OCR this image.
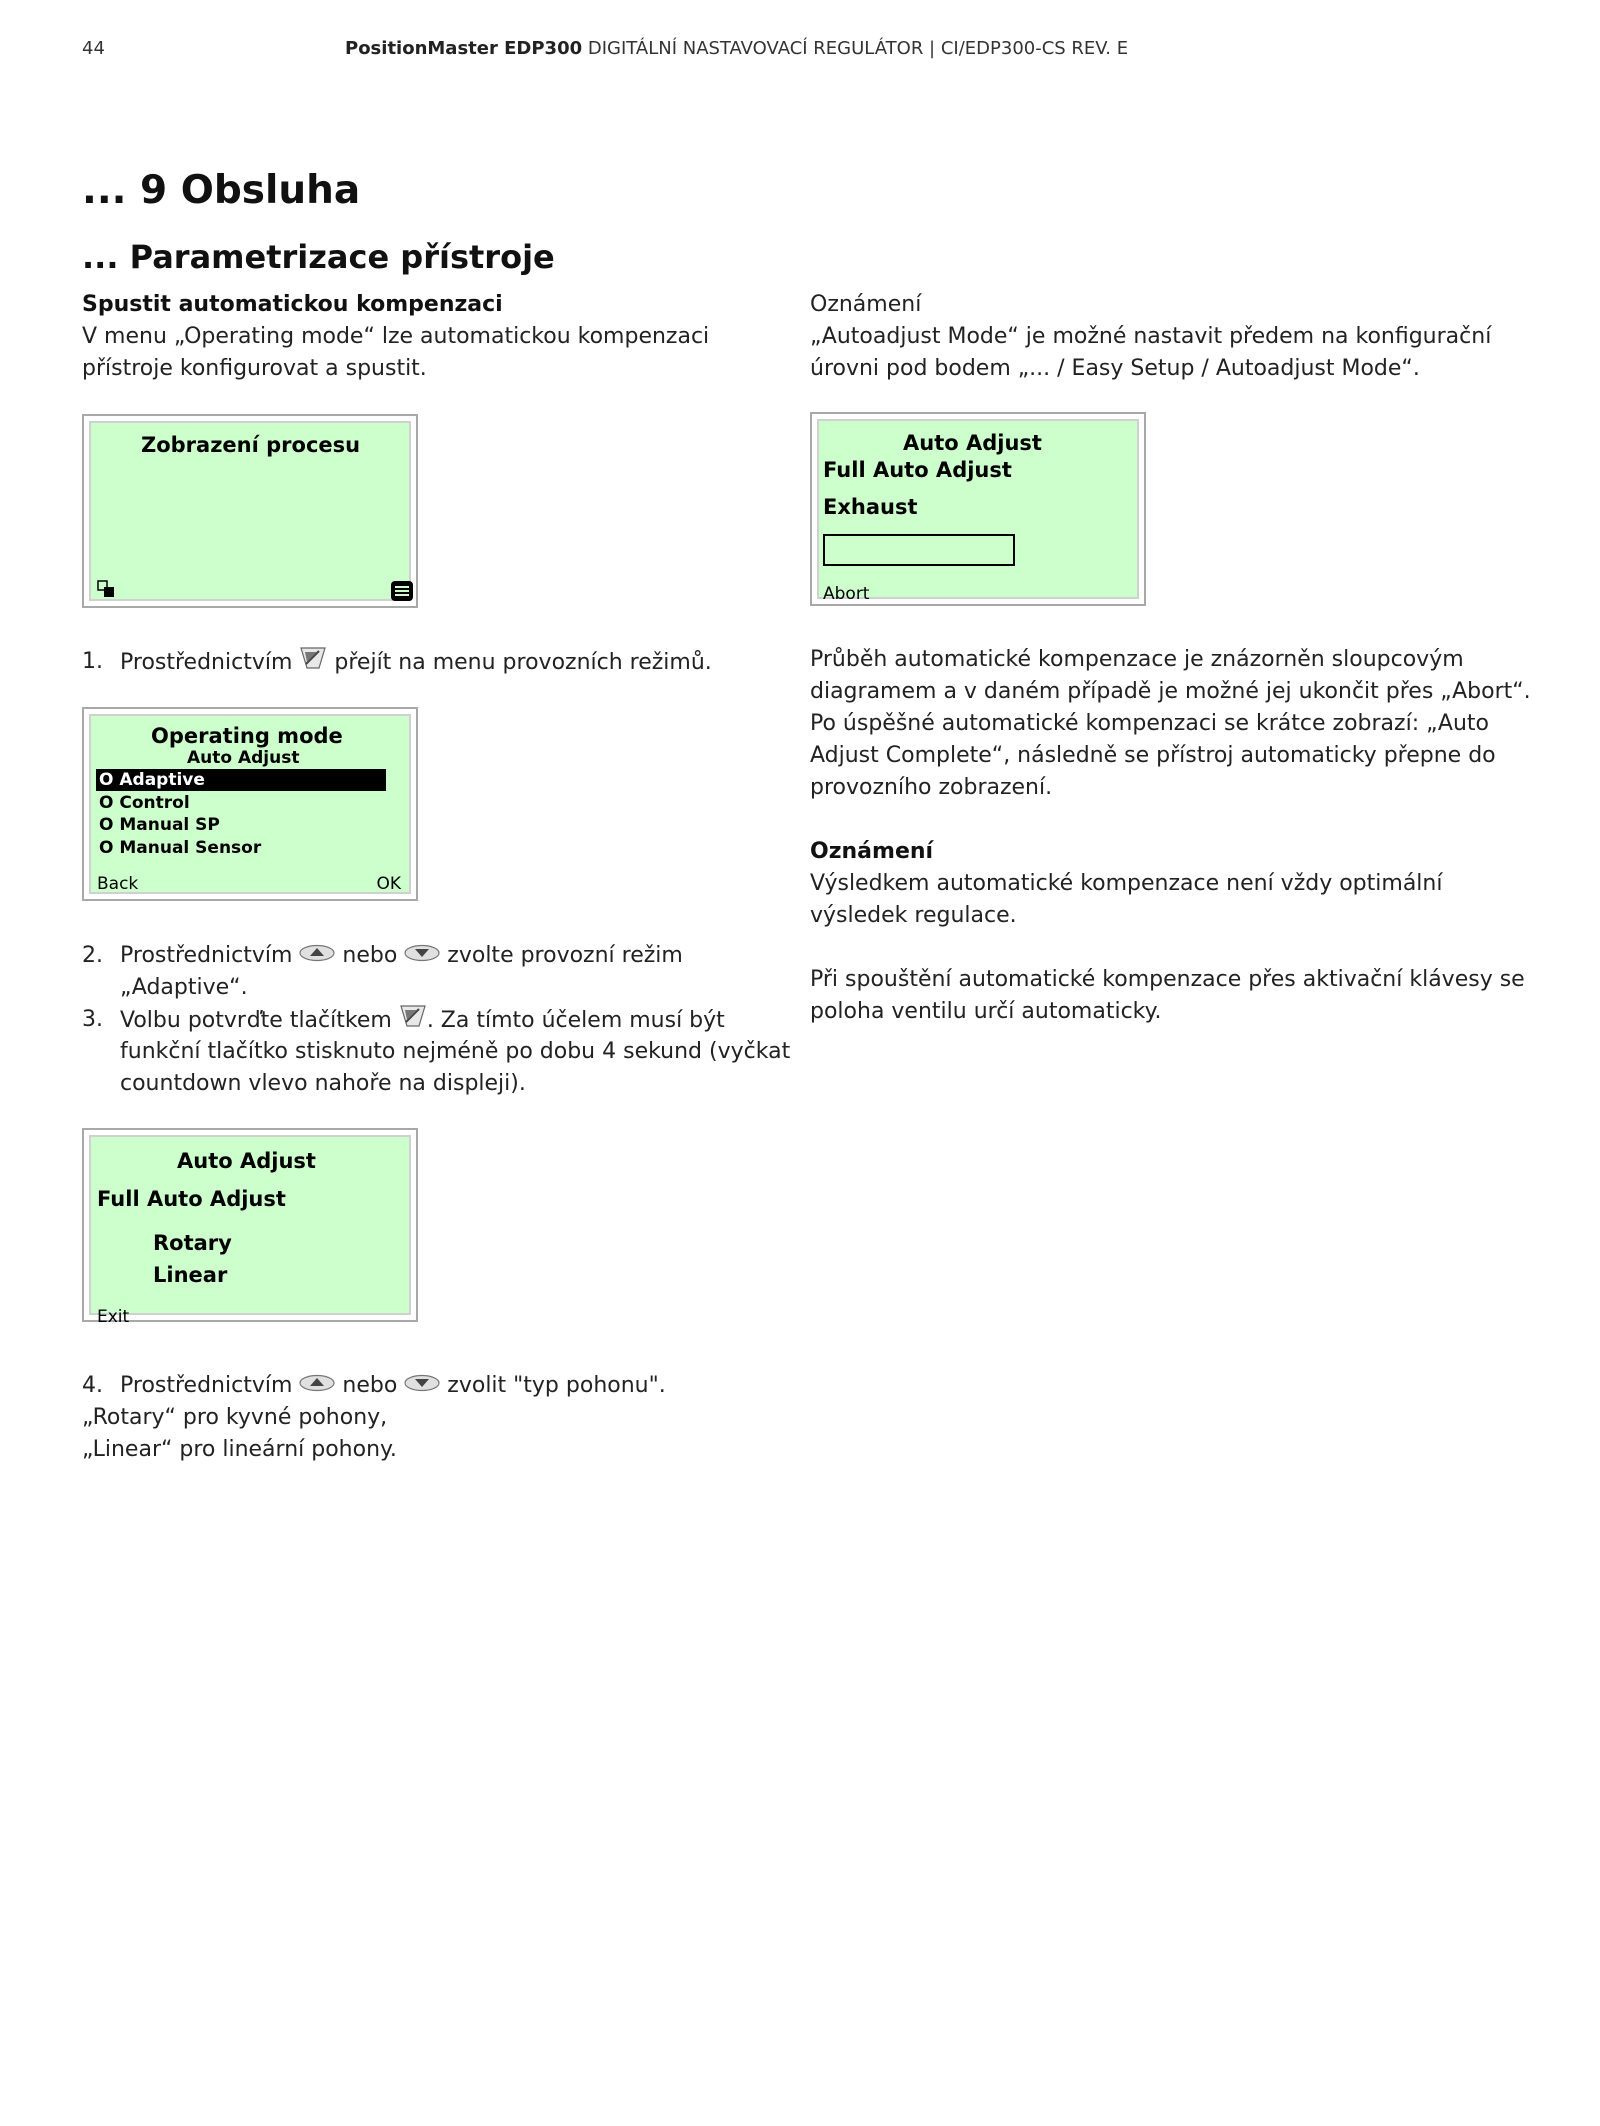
44	PositionMaster EDP300 DIGITÁLNÍ NASTAVOVACÍ REGULÁTOR | CI/EDP300-CS REV. E
... 9 Obsluha
... Parametrizace přístroje
Spustit automatickou kompenzaci
V menu „Operating mode“ lze automatickou kompenzaci
přístroje konfigurovat a spustit.
Zobrazení procesu
1. Prostřednictvím přejít na menu provozních režimů.
Operating mode
Auto Adjust
O Adaptive
O Control
O Manual SP
O Manual Sensor
Back	OK
2. Prostřednictvím nebo zvolte provozní režim
„Adaptive“.
3. Volbu potvrďte tlačítkem . Za tímto účelem musí být
funkční tlačítko stisknuto nejméně po dobu 4 sekund (vyčkat
countdown vlevo nahoře na displeji).
Auto Adjust
Full Auto Adjust
Rotary
Linear
Exit
4. Prostřednictvím nebo zvolit "typ pohonu".
„Rotary“ pro kyvné pohony,
„Linear“ pro lineární pohony.
Oznámení
„Autoadjust Mode“ je možné nastavit předem na konfigurační
úrovni pod bodem „... / Easy Setup / Autoadjust Mode“.
Auto Adjust
Full Auto Adjust
Exhaust
Abort
Průběh automatické kompenzace je znázorněn sloupcovým
diagramem a v daném případě je možné jej ukončit přes „Abort“.
Po úspěšné automatické kompenzaci se krátce zobrazí: „Auto
Adjust Complete“, následně se přístroj automaticky přepne do
provozního zobrazení.
Oznámení
Výsledkem automatické kompenzace není vždy optimální
výsledek regulace.
Při spouštění automatické kompenzace přes aktivační klávesy se
poloha ventilu určí automaticky.
